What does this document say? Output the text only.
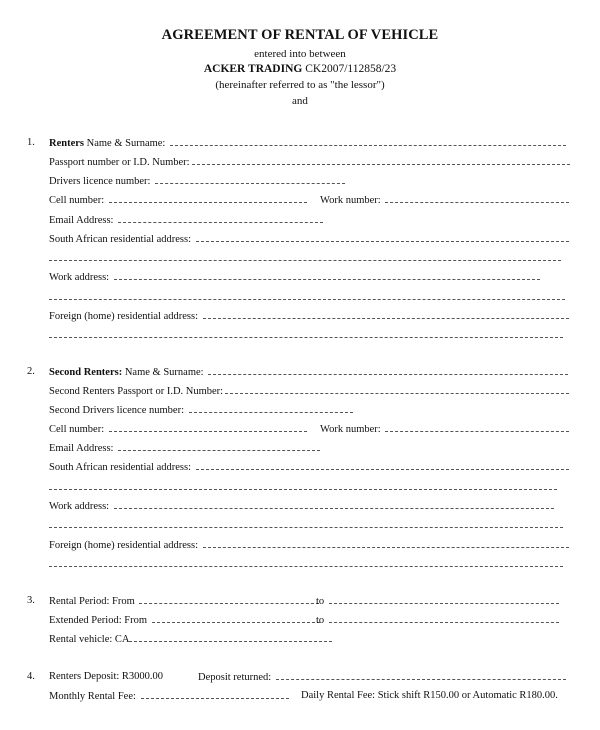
AGREEMENT OF RENTAL OF VEHICLE
entered into between
ACKER TRADING CK2007/112858/23
(hereinafter referred to as "the lessor")
and
1. Renters Name & Surname:
Passport number or I.D. Number:
Drivers licence number:
Cell number:	Work number:
Email Address:
South African residential address:
Work address:
Foreign (home) residential address:
2. Second Renters: Name & Surname:
Second Renters Passport or I.D. Number:
Second Drivers licence number:
Cell number:	Work number:
Email Address:
South African residential address:
Work address:
Foreign (home) residential address:
3. Rental Period: From	to
Extended Period: From	to
Rental vehicle: CA
4. Renters Deposit: R3000.00	Deposit returned:
Monthly Rental Fee:	Daily Rental Fee: Stick shift R150.00 or Automatic R180.00.
